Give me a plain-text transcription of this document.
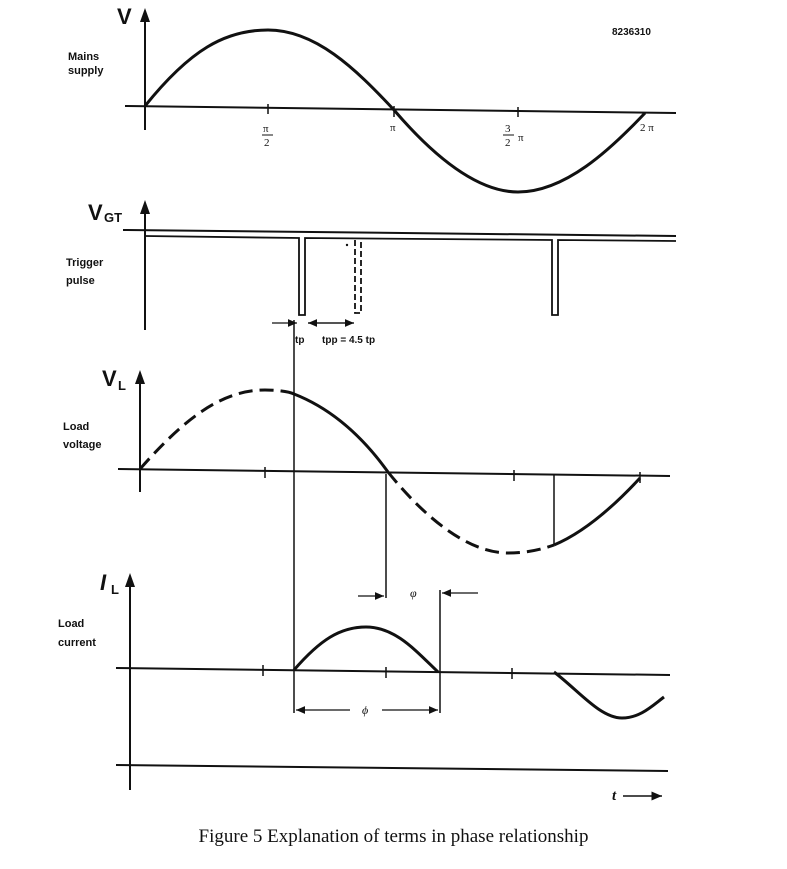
8236310
V
Mains
supply
π
2
π	3
2 π
2 π
V GT
Trigger
pulse
tp tpp = 4.5 tp
V L
Load
voltage
I L
Load
current
φ
ϕ
t
Figure 5 Explanation of terms in phase relationship
